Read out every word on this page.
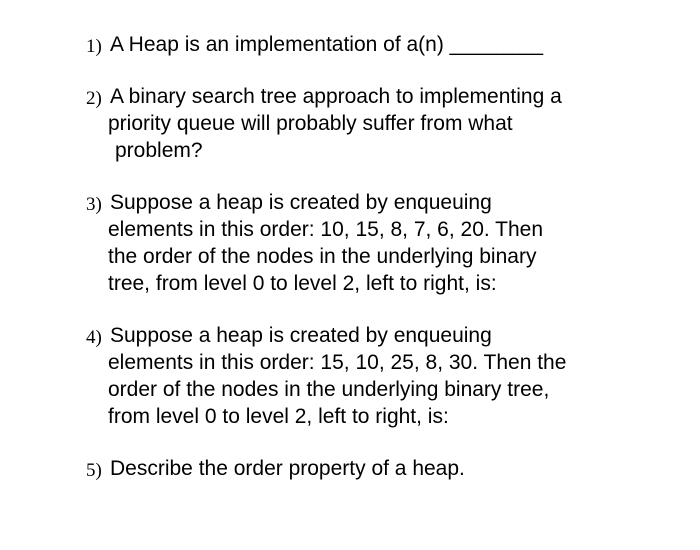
1) A Heap is an implementation of a(n) ________
2) A binary search tree approach to implementing a
priority queue will probably suffer from what
problem?
3) Suppose a heap is created by enqueuing
elements in this order: 10, 15, 8, 7, 6, 20. Then
the order of the nodes in the underlying binary
tree, from level 0 to level 2, left to right, is:
4) Suppose a heap is created by enqueuing
elements in this order: 15, 10, 25, 8, 30. Then the
order of the nodes in the underlying binary tree,
from level 0 to level 2, left to right, is:
5) Describe the order property of a heap.
